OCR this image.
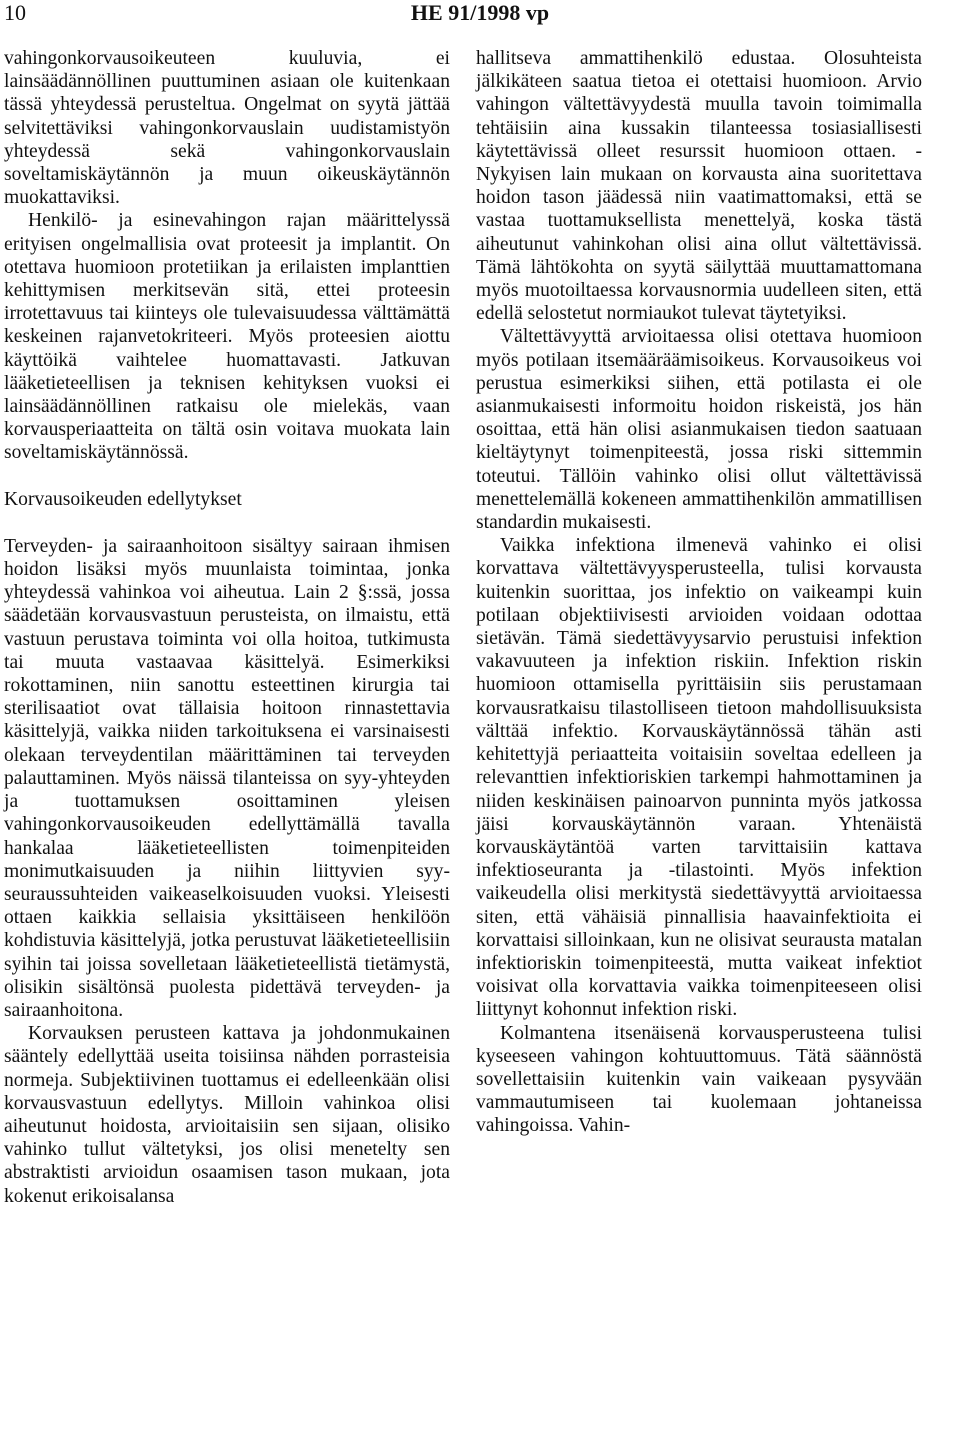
10	HE 91/1998 vp

vahingonkorvausoikeuteen kuuluvia, ei lainsäädännöllinen puuttuminen asiaan ole kuitenkaan tässä yhteydessä perusteltua. Ongelmat on syytä jättää selvitettäviksi vahingonkorvauslain uudistamistyön yhteydessä sekä vahingonkorvauslain soveltamiskäytännön ja muun oikeuskäytännön muokattaviksi.

Henkilö- ja esinevahingon rajan määrittelyssä erityisen ongelmallisia ovat proteesit ja implantit. On otettava huomioon protetiikan ja erilaisten implanttien kehittymisen merkitsevän sitä, ettei proteesin irrotettavuus tai kiinteys ole tulevaisuudessa välttämättä keskeinen rajanvetokriteeri. Myös proteesien aiottu käyttöikä vaihtelee huomattavasti. Jatkuvan lääketieteellisen ja teknisen kehityksen vuoksi ei lainsäädännöllinen ratkaisu ole mielekäs, vaan korvausperiaatteita on tältä osin voitava muokata lain soveltamiskäytännössä.

Korvausoikeuden edellytykset

Terveyden- ja sairaanhoitoon sisältyy sairaan ihmisen hoidon lisäksi myös muunlaista toimintaa, jonka yhteydessä vahinkoa voi aiheutua. Lain 2 §:ssä, jossa säädetään korvausvastuun perusteista, on ilmaistu, että vastuun perustava toiminta voi olla hoitoa, tutkimusta tai muuta vastaavaa käsittelyä. Esimerkiksi rokottaminen, niin sanottu esteettinen kirurgia tai sterilisaatiot ovat tällaisia hoitoon rinnastettavia käsittelyjä, vaikka niiden tarkoituksena ei varsinaisesti olekaan terveydentilan määrittäminen tai terveyden palauttaminen. Myös näissä tilanteissa on syy-yhteyden ja tuottamuksen osoittaminen yleisen vahingonkorvausoikeuden edellyttämällä tavalla hankalaa lääketieteellisten toimenpiteiden monimutkaisuuden ja niihin liittyvien syy-seuraussuhteiden vaikeaselkoisuuden vuoksi. Yleisesti ottaen kaikkia sellaisia yksittäiseen henkilöön kohdistuvia käsittelyjä, jotka perustuvat lääketieteellisiin syihin tai joissa sovelletaan lääketieteellistä tietämystä, olisikin sisältönsä puolesta pidettävä terveyden- ja sairaanhoitona.

Korvauksen perusteen kattava ja johdonmukainen sääntely edellyttää useita toisiinsa nähden porrasteisia normeja. Subjektiivinen tuottamus ei edelleenkään olisi korvausvastuun edellytys. Milloin vahinkoa olisi aiheutunut hoidosta, arvioitaisiin sen sijaan, olisiko vahinko tullut vältetyksi, jos olisi menetelty sen abstraktisti arvioidun osaamisen tason mukaan, jota kokenut erikoisalansa

hallitseva ammattihenkilö edustaa. Olosuhteista jälkikäteen saatua tietoa ei otettaisi huomioon. Arvio vahingon vältettävyydestä muulla tavoin toimimalla tehtäisiin aina kussakin tilanteessa tosiasiallisesti käytettävissä olleet resurssit huomioon ottaen. - Nykyisen lain mukaan on korvausta aina suoritettava hoidon tason jäädessä niin vaatimattomaksi, että se vastaa tuottamuksellista menettelyä, koska tästä aiheutunut vahinkohan olisi aina ollut vältettävissä. Tämä lähtökohta on syytä säilyttää muuttamattomana myös muotoiltaessa korvausnormia uudelleen siten, että edellä selostetut normiaukot tulevat täytetyiksi.

Vältettävyyttä arvioitaessa olisi otettava huomioon myös potilaan itsemääräämisoikeus. Korvausoikeus voi perustua esimerkiksi siihen, että potilasta ei ole asianmukaisesti informoitu hoidon riskeistä, jos hän osoittaa, että hän olisi asianmukaisen tiedon saatuaan kieltäytynyt toimenpiteestä, jossa riski sittemmin toteutui. Tällöin vahinko olisi ollut vältettävissä menettelemällä kokeneen ammattihenkilön ammatillisen standardin mukaisesti.

Vaikka infektiona ilmenevä vahinko ei olisi korvattava vältettävyysperusteella, tulisi korvausta kuitenkin suorittaa, jos infektio on vaikeampi kuin potilaan objektiivisesti arvioiden voidaan odottaa sietävän. Tämä siedettävyysarvio perustuisi infektion vakavuuteen ja infektion riskiin. Infektion riskin huomioon ottamisella pyrittäisiin siis perustamaan korvausratkaisu tilastolliseen tietoon mahdollisuuksista välttää infektio. Korvauskäytännössä tähän asti kehitettyjä periaatteita voitaisiin soveltaa edelleen ja relevanttien infektioriskien tarkempi hahmottaminen ja niiden keskinäisen painoarvon punninta myös jatkossa jäisi korvauskäytännön varaan. Yhtenäistä korvauskäytäntöä varten tarvittaisiin kattava infektioseuranta ja -tilastointi. Myös infektion vaikeudella olisi merkitystä siedettävyyttä arvioitaessa siten, että vähäisiä pinnallisia haavainfektioita ei korvattaisi silloinkaan, kun ne olisivat seurausta matalan infektioriskin toimenpiteestä, mutta vaikeat infektiot voisivat olla korvattavia vaikka toimenpiteeseen olisi liittynyt kohonnut infektion riski.

Kolmantena itsenäisenä korvausperusteena tulisi kyseeseen vahingon kohtuuttomuus. Tätä säännöstä sovellettaisiin kuitenkin vain vaikeaan pysyvään vammautumiseen tai kuolemaan johtaneissa vahingoissa. Vahin-
